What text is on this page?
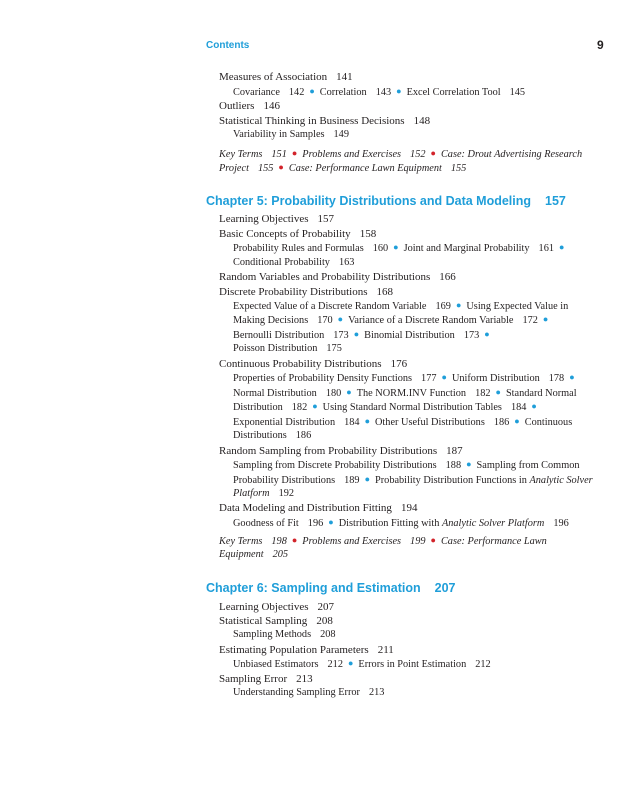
Contents	9
Measures of Association 141
Covariance 142 ● Correlation 143 ● Excel Correlation Tool 145
Outliers 146
Statistical Thinking in Business Decisions 148
Variability in Samples 149
Key Terms 151 ● Problems and Exercises 152 ● Case: Drout Advertising Research
Project 155 ● Case: Performance Lawn Equipment 155
Chapter 5: Probability Distributions and Data Modeling 157
Learning Objectives 157
Basic Concepts of Probability 158
Probability Rules and Formulas 160 ● Joint and Marginal Probability 161 ●
Conditional Probability 163
Random Variables and Probability Distributions 166
Discrete Probability Distributions 168
Expected Value of a Discrete Random Variable 169 ● Using Expected Value in
Making Decisions 170 ● Variance of a Discrete Random Variable 172 ●
Bernoulli Distribution 173 ● Binomial Distribution 173 ●
Poisson Distribution 175
Continuous Probability Distributions 176
Properties of Probability Density Functions 177 ● Uniform Distribution 178 ●
Normal Distribution 180 ● The NORM.INV Function 182 ● Standard Normal
Distribution 182 ● Using Standard Normal Distribution Tables 184 ●
Exponential Distribution 184 ● Other Useful Distributions 186 ● Continuous
Distributions 186
Random Sampling from Probability Distributions 187
Sampling from Discrete Probability Distributions 188 ● Sampling from Common
Probability Distributions 189 ● Probability Distribution Functions in Analytic Solver
Platform 192
Data Modeling and Distribution Fitting 194
Goodness of Fit 196 ● Distribution Fitting with Analytic Solver Platform 196
Key Terms 198 ● Problems and Exercises 199 ● Case: Performance Lawn
Equipment 205
Chapter 6: Sampling and Estimation 207
Learning Objectives 207
Statistical Sampling 208
Sampling Methods 208
Estimating Population Parameters 211
Unbiased Estimators 212 ● Errors in Point Estimation 212
Sampling Error 213
Understanding Sampling Error 213
